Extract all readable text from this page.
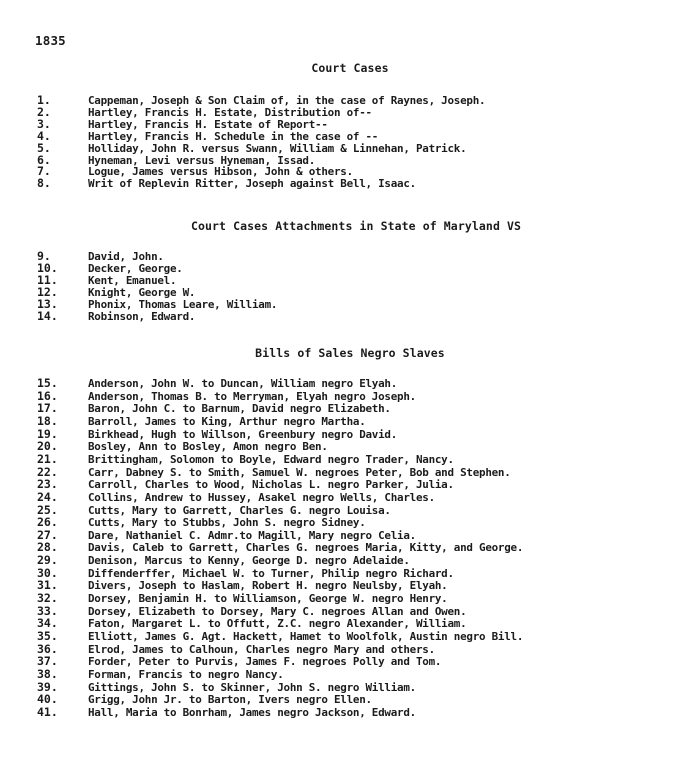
1835
Court Cases
1.	Cappeman, Joseph & Son Claim of, in the case of Raynes, Joseph.
2.	Hartley, Francis H. Estate, Distribution of--
3.	Hartley, Francis H. Estate of Report--
4.	Hartley, Francis H. Schedule in the case of --
5.	Holliday, John R. versus Swann, William & Linnehan, Patrick.
6.	Hyneman, Levi versus Hyneman, Issad.
7.	Logue, James versus Hibson, John & others.
8.	Writ of Replevin Ritter, Joseph against Bell, Isaac.
Court Cases Attachments in State of Maryland VS
9.	David, John.
10.	Decker, George.
11.	Kent, Emanuel.
12.	Knight, George W.
13.	Phonix, Thomas Leare, William.
14.	Robinson, Edward.
Bills of Sales Negro Slaves
15.	Anderson, John W. to Duncan, William negro Elyah.
16.	Anderson, Thomas B. to Merryman, Elyah negro Joseph.
17.	Baron, John C. to Barnum, David negro Elizabeth.
18.	Barroll, James to King, Arthur negro Martha.
19.	Birkhead, Hugh to Willson, Greenbury negro David.
20.	Bosley, Ann to Bosley, Amon negro Ben.
21.	Brittingham, Solomon to Boyle, Edward negro Trader, Nancy.
22.	Carr, Dabney S. to Smith, Samuel W. negroes Peter, Bob and Stephen.
23.	Carroll, Charles to Wood, Nicholas L. negro Parker, Julia.
24.	Collins, Andrew to Hussey, Asakel negro Wells, Charles.
25.	Cutts, Mary to Garrett, Charles G. negro Louisa.
26.	Cutts, Mary to Stubbs, John S. negro Sidney.
27.	Dare, Nathaniel C. Admr.to Magill, Mary negro Celia.
28.	Davis, Caleb to Garrett, Charles G. negroes Maria, Kitty, and George.
29.	Denison, Marcus to Kenny, George D. negro Adelaide.
30.	Diffenderffer, Michael W. to Turner, Philip negro Richard.
31.	Divers, Joseph to Haslam, Robert H. negro Neulsby, Elyah.
32.	Dorsey, Benjamin H. to Williamson, George W. negro Henry.
33.	Dorsey, Elizabeth to Dorsey, Mary C. negroes Allan and Owen.
34.	Faton, Margaret L. to Offutt, Z.C. negro Alexander, William.
35.	Elliott, James G. Agt. Hackett, Hamet to Woolfolk, Austin negro Bill.
36.	Elrod, James to Calhoun, Charles negro Mary and others.
37.	Forder, Peter to Purvis, James F. negroes Polly and Tom.
38.	Forman, Francis to negro Nancy.
39.	Gittings, John S. to Skinner, John S. negro William.
40.	Grigg, John Jr. to Barton, Ivers negro Ellen.
41.	Hall, Maria to Bonrham, James negro Jackson, Edward.
